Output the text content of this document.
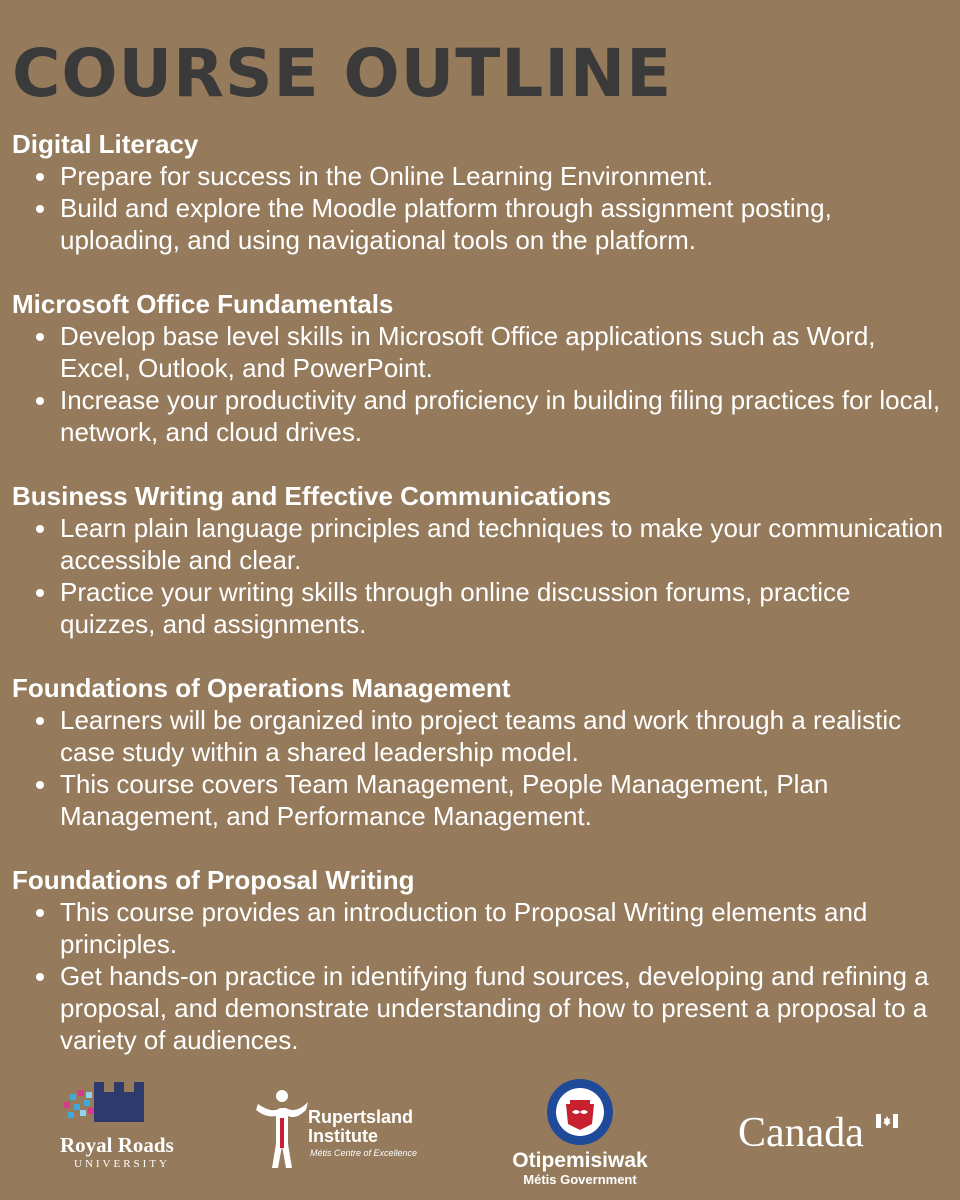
COURSE OUTLINE
Digital Literacy
Prepare for success in the Online Learning Environment.
Build and explore the Moodle platform through assignment posting, uploading, and using navigational tools on the platform.
Microsoft Office Fundamentals
Develop base level skills in Microsoft Office applications such as Word, Excel, Outlook, and PowerPoint.
Increase your productivity and proficiency in building filing practices for local, network, and cloud drives.
Business Writing and Effective Communications
Learn plain language principles and techniques to make your communication accessible and clear.
Practice your writing skills through online discussion forums, practice quizzes, and assignments.
Foundations of Operations Management
Learners will be organized into project teams and work through a realistic case study within a shared leadership model.
This course covers Team Management, People Management, Plan Management, and Performance Management.
Foundations of Proposal Writing
This course provides an introduction to Proposal Writing elements and principles.
Get hands-on practice in identifying fund sources, developing and refining a proposal, and demonstrate understanding of how to present a proposal to a variety of audiences.
Royal Roads
UNIVERSITY
Rupertsland
Institute
Métis Centre of Excellence	Otipemisiwak
Métis Government
Canada
